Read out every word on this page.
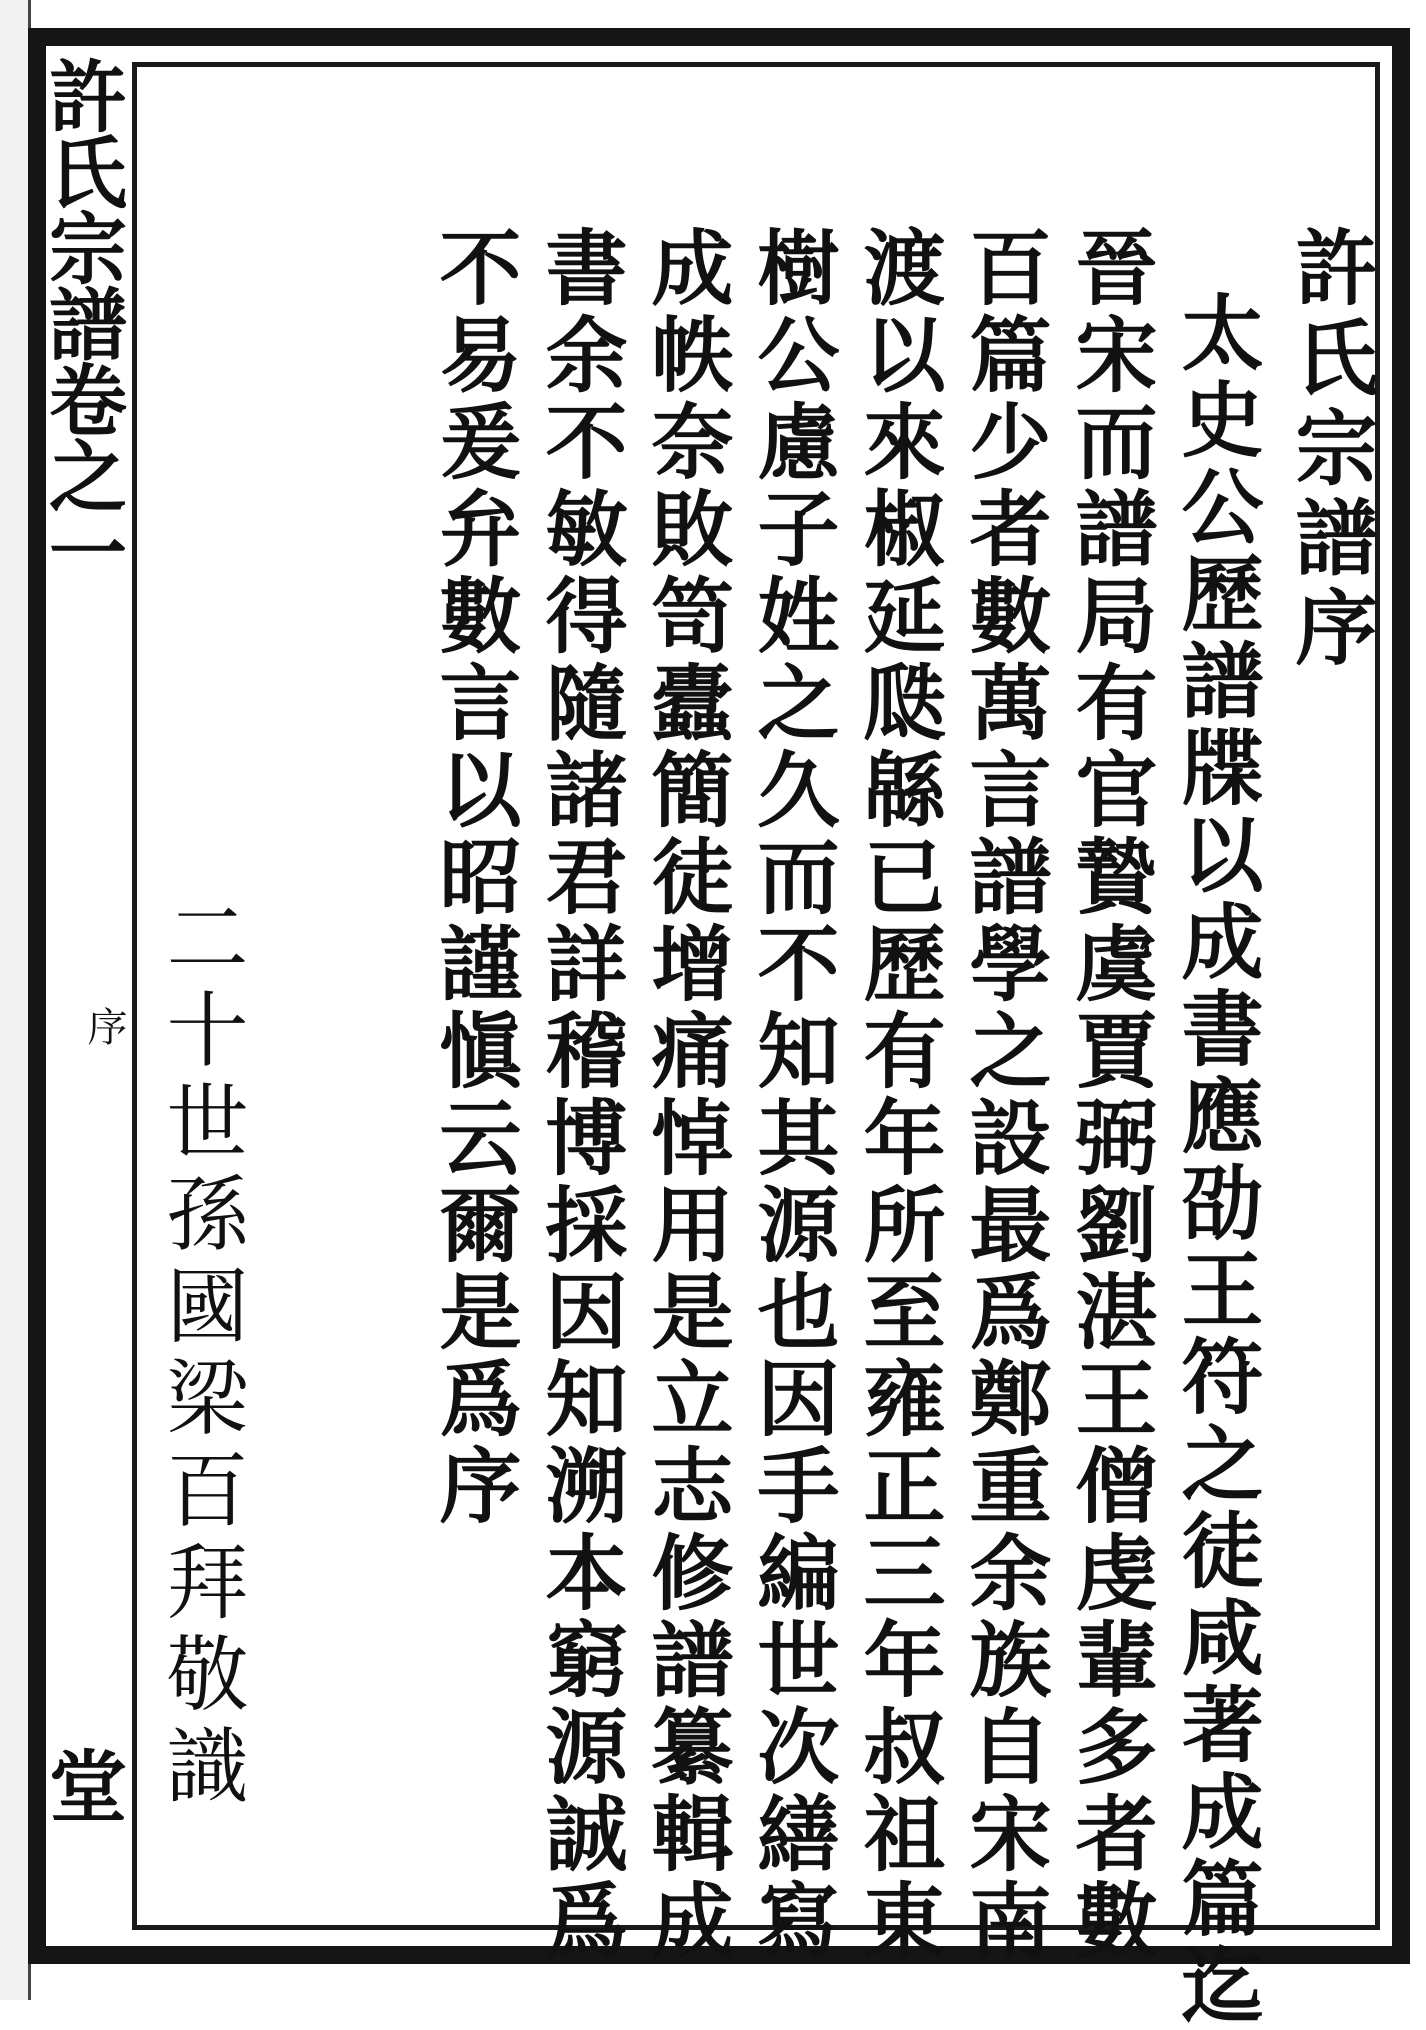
許氏宗譜卷之一
序
堂
許氏宗譜序
太史公歷譜牒以成書應劭王符之徒咸著成篇迄
晉宋而譜局有官贄虞賈弼劉湛王僧虔輩多者數
百篇少者數萬言譜學之設最爲鄭重余族自宋南
渡以來椒延瓞緜已歷有年所至雍正三年叔祖東
樹公慮子姓之久而不知其源也因手編世次繕寫
成帙奈敗笥蠹簡徒增痛悼用是立志修譜纂輯成
書余不敏得隨諸君詳稽博採因知溯本窮源誠爲
不易爰弁數言以昭謹愼云爾是爲序
二十世孫國梁百拜敬識
